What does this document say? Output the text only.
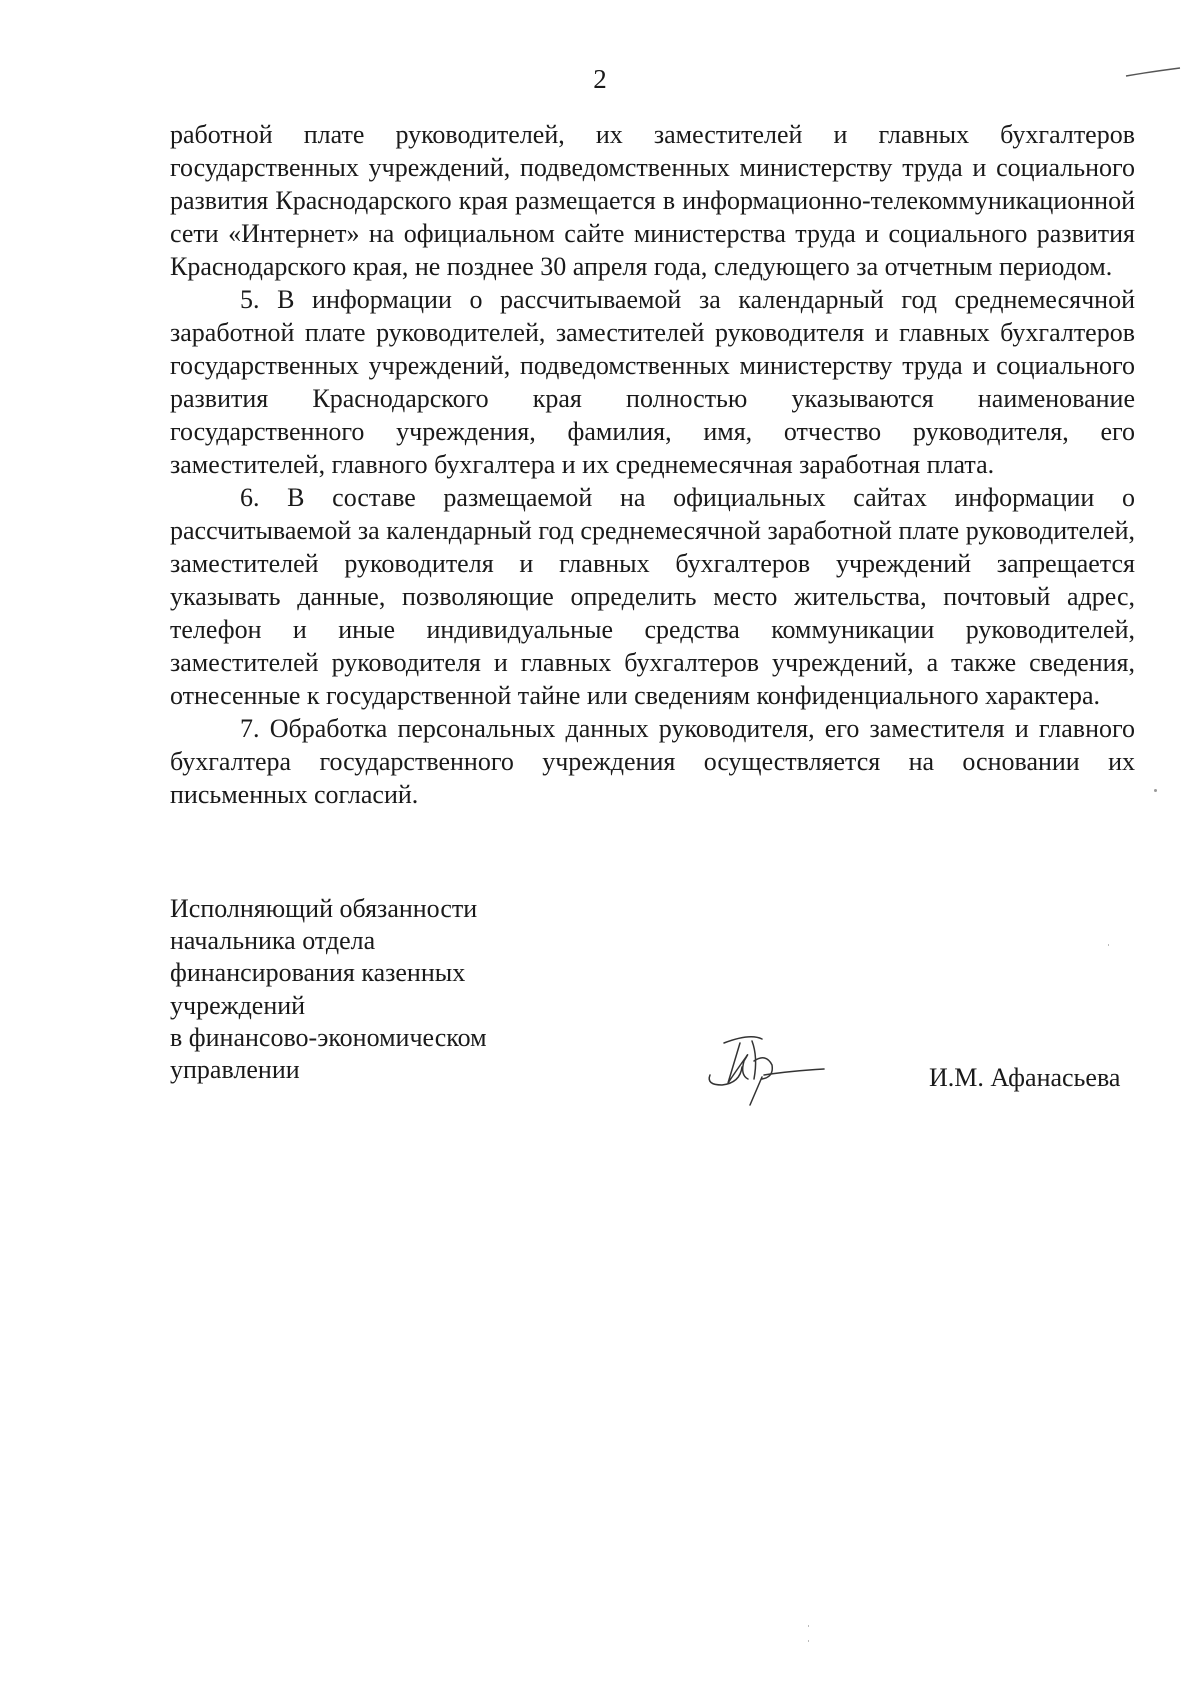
2

работной плате руководителей, их заместителей и главных бухгалтеров государственных учреждений, подведомственных министерству труда и социального развития Краснодарского края размещается в информационно-телекоммуникационной сети «Интернет» на официальном сайте министерства труда и социального развития Краснодарского края, не позднее 30 апреля года, следующего за отчетным периодом.

5. В информации о рассчитываемой за календарный год среднемесячной заработной плате руководителей, заместителей руководителя и главных бухгалтеров государственных учреждений, подведомственных министерству труда и социального развития Краснодарского края полностью указываются наименование государственного учреждения, фамилия, имя, отчество руководителя, его заместителей, главного бухгалтера и их среднемесячная заработная плата.

6. В составе размещаемой на официальных сайтах информации о рассчитываемой за календарный год среднемесячной заработной плате руководителей, заместителей руководителя и главных бухгалтеров учреждений запрещается указывать данные, позволяющие определить место жительства, почтовый адрес, телефон и иные индивидуальные средства коммуникации руководителей, заместителей руководителя и главных бухгалтеров учреждений, а также сведения, отнесенные к государственной тайне или сведениям конфиденциального характера.

7. Обработка персональных данных руководителя, его заместителя и главного бухгалтера государственного учреждения осуществляется на основании их письменных согласий.

Исполняющий обязанности
начальника отдела
финансирования казенных
учреждений
в финансово-экономическом
управлении	И.М. Афанасьева
